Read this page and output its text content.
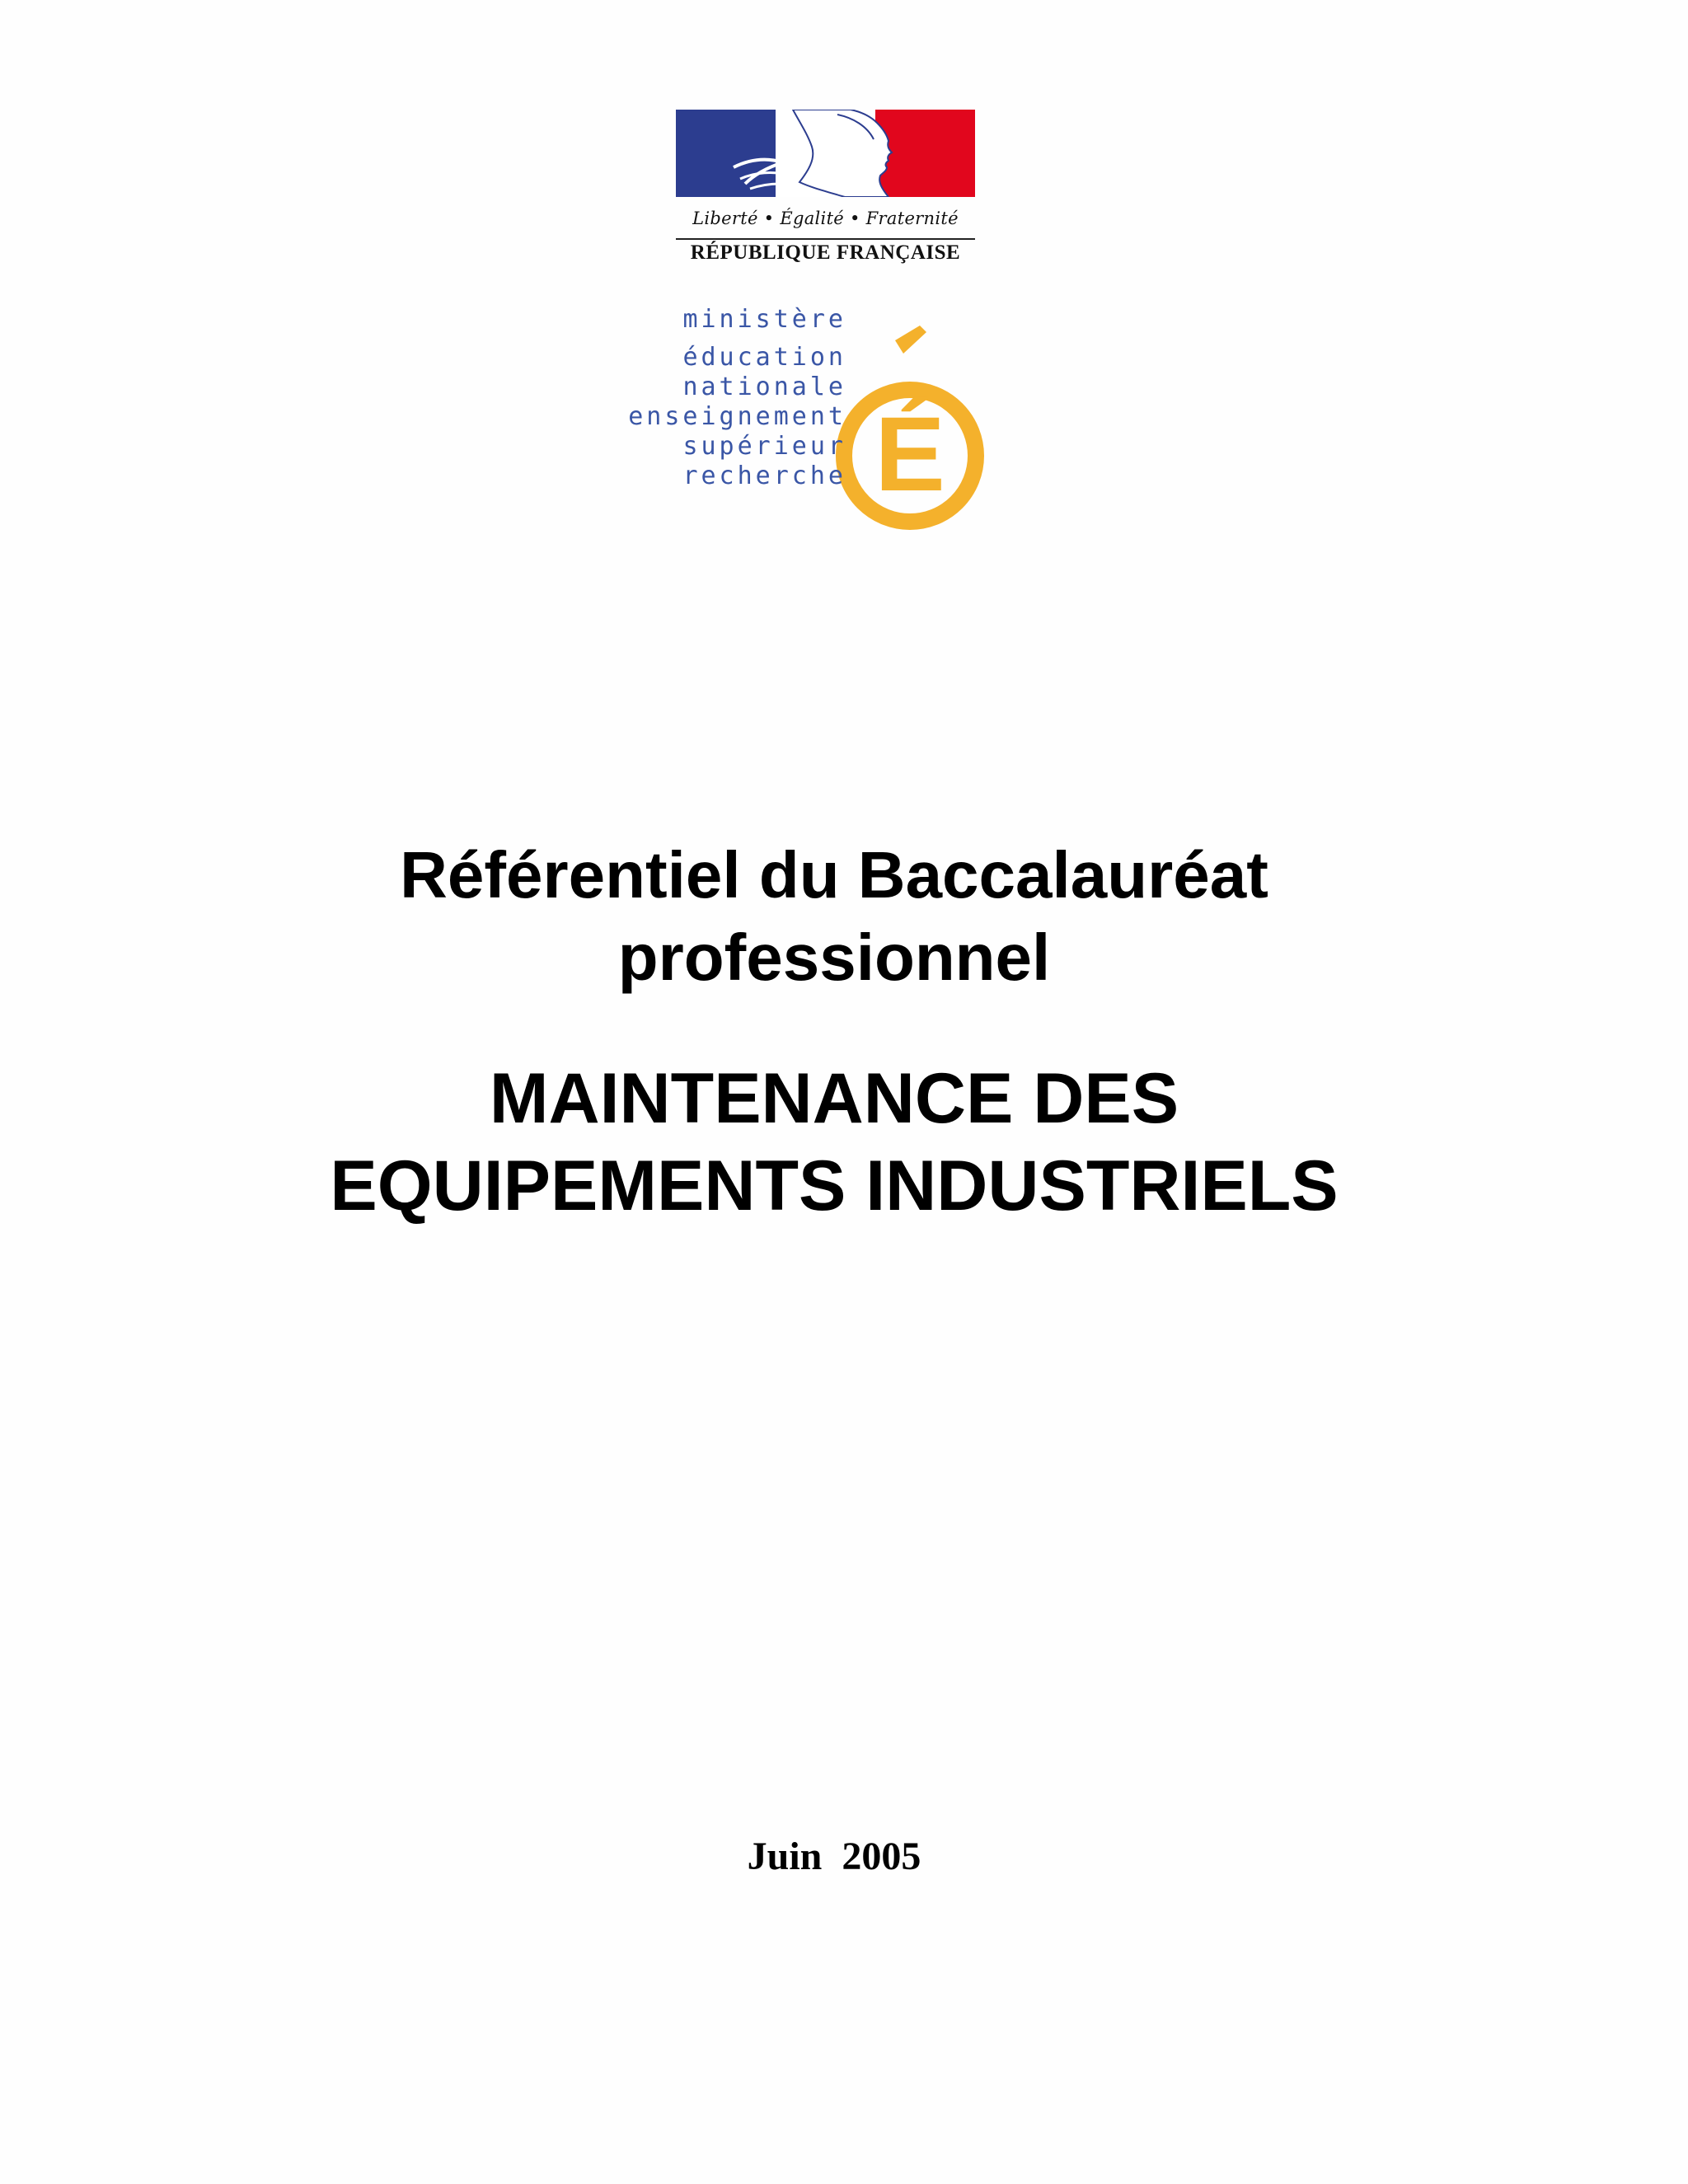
Liberté • Égalité • Fraternité
RÉPUBLIQUE FRANÇAISE
É
ministère
éducation
nationale
enseignement
supérieur
recherche
Référentiel du Baccalauréat
professionnel
MAINTENANCE DES
EQUIPEMENTS INDUSTRIELS
Juin  2005
